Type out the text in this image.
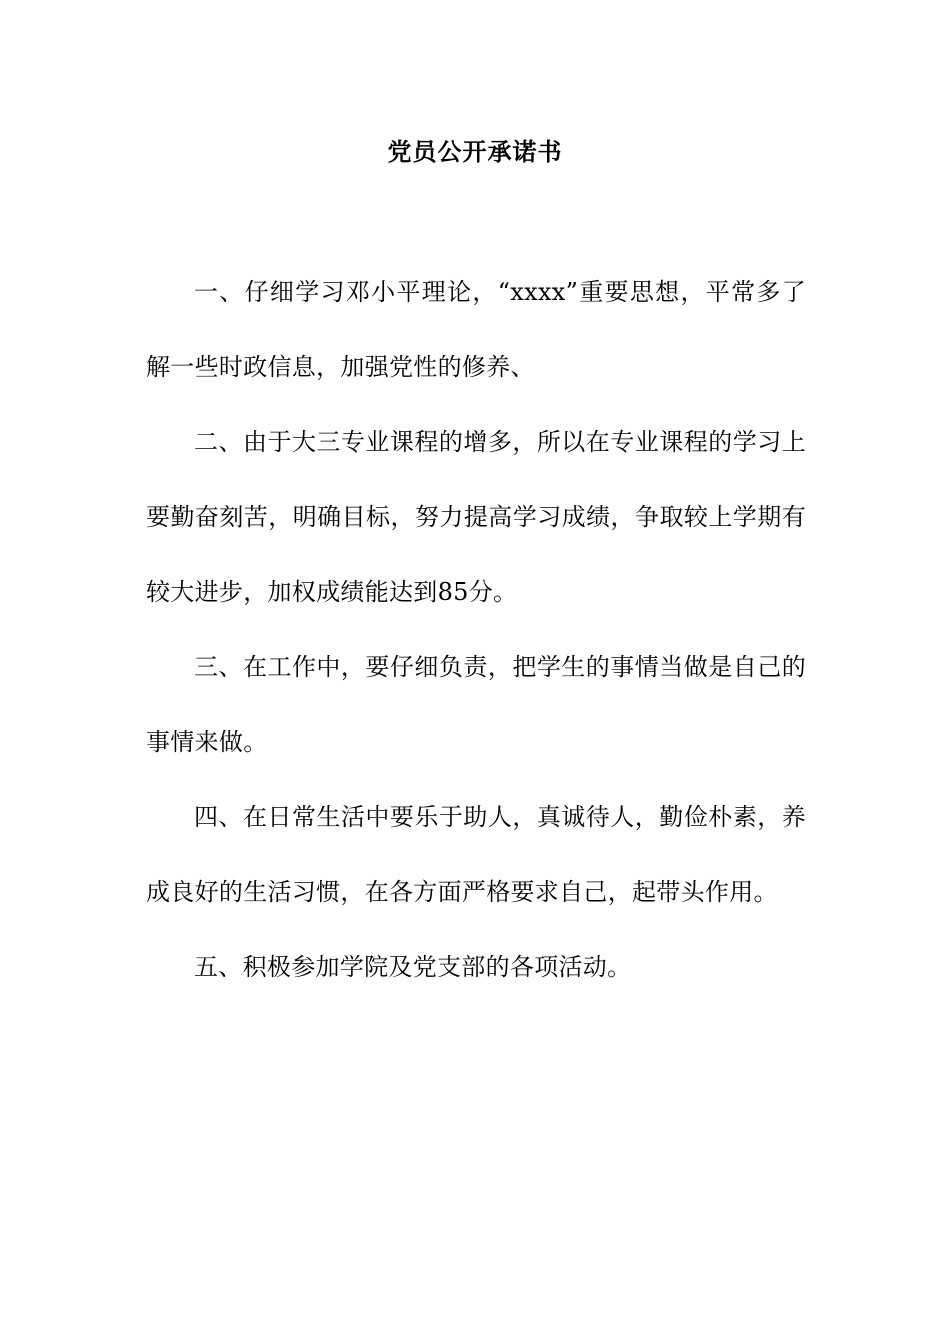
党员公开承诺书

一、仔细学习邓小平理论，“xxxx”重要思想，平常多了解一些时政信息，加强党性的修养、

二、由于大三专业课程的增多，所以在专业课程的学习上要勤奋刻苦，明确目标，努力提高学习成绩，争取较上学期有较大进步，加权成绩能达到85分。

三、在工作中，要仔细负责，把学生的事情当做是自己的事情来做。

四、在日常生活中要乐于助人，真诚待人，勤俭朴素，养成良好的生活习惯，在各方面严格要求自己，起带头作用。

五、积极参加学院及党支部的各项活动。
